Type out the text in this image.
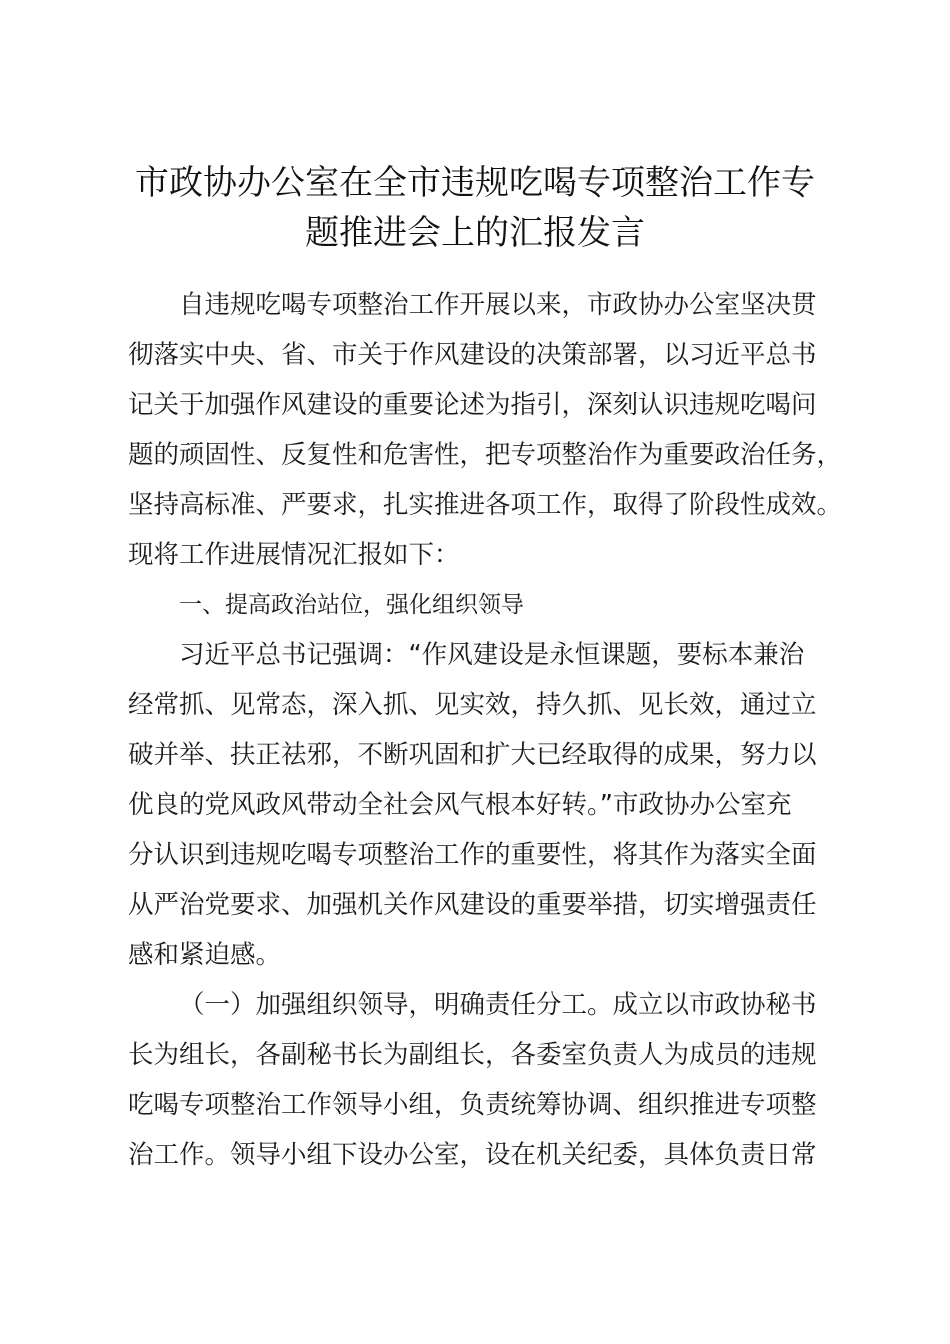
市政协办公室在全市违规吃喝专项整治工作专
题推进会上的汇报发言
自违规吃喝专项整治工作开展以来，市政协办公室坚决贯
彻落实中央、省、市关于作风建设的决策部署，以习近平总书
记关于加强作风建设的重要论述为指引，深刻认识违规吃喝问
题的顽固性、反复性和危害性，把专项整治作为重要政治任务，
坚持高标准、严要求，扎实推进各项工作，取得了阶段性成效。
现将工作进展情况汇报如下：
一、提高政治站位，强化组织领导
习近平总书记强调：“作风建设是永恒课题，要标本兼治
经常抓、见常态，深入抓、见实效，持久抓、见长效，通过立
破并举、扶正祛邪，不断巩固和扩大已经取得的成果，努力以
优良的党风政风带动全社会风气根本好转。”市政协办公室充
分认识到违规吃喝专项整治工作的重要性，将其作为落实全面
从严治党要求、加强机关作风建设的重要举措，切实增强责任
感和紧迫感。
（一）加强组织领导，明确责任分工。成立以市政协秘书
长为组长，各副秘书长为副组长，各委室负责人为成员的违规
吃喝专项整治工作领导小组，负责统筹协调、组织推进专项整
治工作。领导小组下设办公室，设在机关纪委，具体负责日常
